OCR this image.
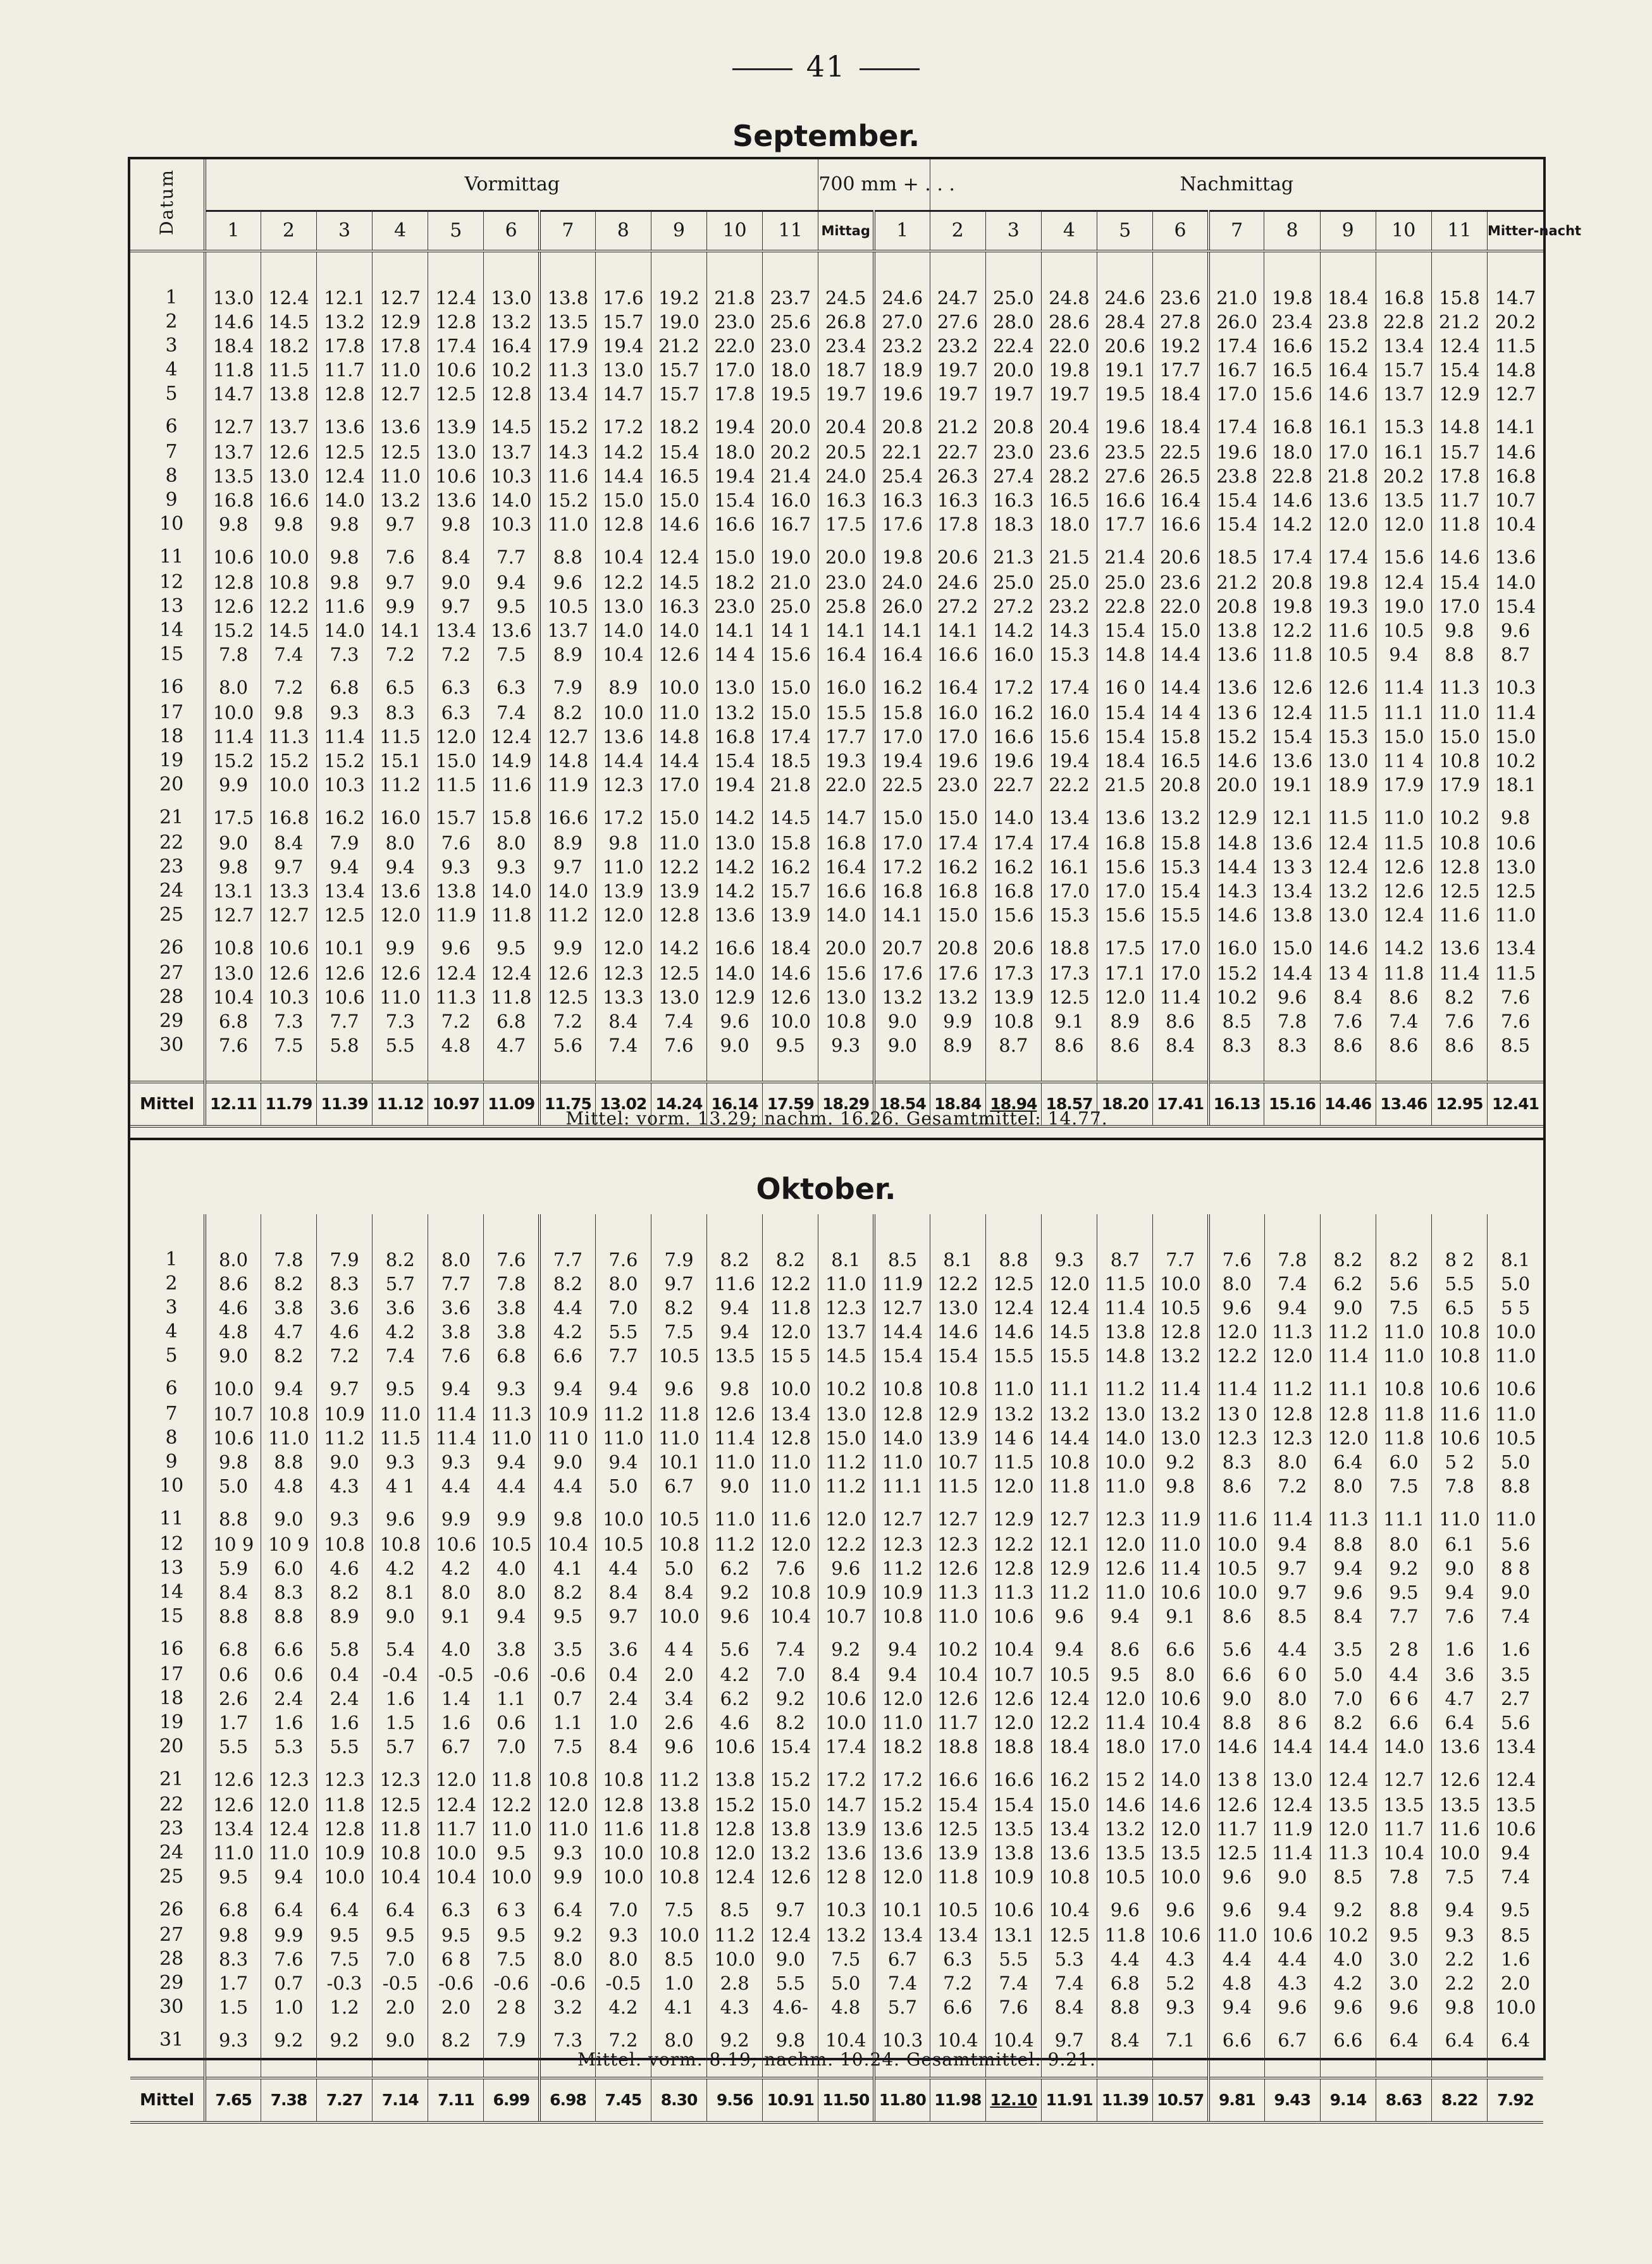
41
September.
Datum	Vormittag											700 mm + . . .		Nachmittag										
	1	2	3	4	5	6	7	8	9	10	11	Mittag	1	2	3	4	5	6	7	8	9	10	11	Mitter-nacht

1	13.0	12.4	12.1	12.7	12.4	13.0	13.8	17.6	19.2	21.8	23.7	24.5	24.6	24.7	25.0	24.8	24.6	23.6	21.0	19.8	18.4	16.8	15.8	14.7
2	14.6	14.5	13.2	12.9	12.8	13.2	13.5	15.7	19.0	23.0	25.6	26.8	27.0	27.6	28.0	28.6	28.4	27.8	26.0	23.4	23.8	22.8	21.2	20.2
3	18.4	18.2	17.8	17.8	17.4	16.4	17.9	19.4	21.2	22.0	23.0	23.4	23.2	23.2	22.4	22.0	20.6	19.2	17.4	16.6	15.2	13.4	12.4	11.5
4	11.8	11.5	11.7	11.0	10.6	10.2	11.3	13.0	15.7	17.0	18.0	18.7	18.9	19.7	20.0	19.8	19.1	17.7	16.7	16.5	16.4	15.7	15.4	14.8
5	14.7	13.8	12.8	12.7	12.5	12.8	13.4	14.7	15.7	17.8	19.5	19.7	19.6	19.7	19.7	19.7	19.5	18.4	17.0	15.6	14.6	13.7	12.9	12.7
6	12.7	13.7	13.6	13.6	13.9	14.5	15.2	17.2	18.2	19.4	20.0	20.4	20.8	21.2	20.8	20.4	19.6	18.4	17.4	16.8	16.1	15.3	14.8	14.1
7	13.7	12.6	12.5	12.5	13.0	13.7	14.3	14.2	15.4	18.0	20.2	20.5	22.1	22.7	23.0	23.6	23.5	22.5	19.6	18.0	17.0	16.1	15.7	14.6
8	13.5	13.0	12.4	11.0	10.6	10.3	11.6	14.4	16.5	19.4	21.4	24.0	25.4	26.3	27.4	28.2	27.6	26.5	23.8	22.8	21.8	20.2	17.8	16.8
9	16.8	16.6	14.0	13.2	13.6	14.0	15.2	15.0	15.0	15.4	16.0	16.3	16.3	16.3	16.3	16.5	16.6	16.4	15.4	14.6	13.6	13.5	11.7	10.7
10	9.8	9.8	9.8	9.7	9.8	10.3	11.0	12.8	14.6	16.6	16.7	17.5	17.6	17.8	18.3	18.0	17.7	16.6	15.4	14.2	12.0	12.0	11.8	10.4
11	10.6	10.0	9.8	7.6	8.4	7.7	8.8	10.4	12.4	15.0	19.0	20.0	19.8	20.6	21.3	21.5	21.4	20.6	18.5	17.4	17.4	15.6	14.6	13.6
12	12.8	10.8	9.8	9.7	9.0	9.4	9.6	12.2	14.5	18.2	21.0	23.0	24.0	24.6	25.0	25.0	25.0	23.6	21.2	20.8	19.8	12.4	15.4	14.0
13	12.6	12.2	11.6	9.9	9.7	9.5	10.5	13.0	16.3	23.0	25.0	25.8	26.0	27.2	27.2	23.2	22.8	22.0	20.8	19.8	19.3	19.0	17.0	15.4
14	15.2	14.5	14.0	14.1	13.4	13.6	13.7	14.0	14.0	14.1	14 1	14.1	14.1	14.1	14.2	14.3	15.4	15.0	13.8	12.2	11.6	10.5	9.8	9.6
15	7.8	7.4	7.3	7.2	7.2	7.5	8.9	10.4	12.6	14 4	15.6	16.4	16.4	16.6	16.0	15.3	14.8	14.4	13.6	11.8	10.5	9.4	8.8	8.7
16	8.0	7.2	6.8	6.5	6.3	6.3	7.9	8.9	10.0	13.0	15.0	16.0	16.2	16.4	17.2	17.4	16 0	14.4	13.6	12.6	12.6	11.4	11.3	10.3
17	10.0	9.8	9.3	8.3	6.3	7.4	8.2	10.0	11.0	13.2	15.0	15.5	15.8	16.0	16.2	16.0	15.4	14 4	13 6	12.4	11.5	11.1	11.0	11.4
18	11.4	11.3	11.4	11.5	12.0	12.4	12.7	13.6	14.8	16.8	17.4	17.7	17.0	17.0	16.6	15.6	15.4	15.8	15.2	15.4	15.3	15.0	15.0	15.0
19	15.2	15.2	15.2	15.1	15.0	14.9	14.8	14.4	14.4	15.4	18.5	19.3	19.4	19.6	19.6	19.4	18.4	16.5	14.6	13.6	13.0	11 4	10.8	10.2
20	9.9	10.0	10.3	11.2	11.5	11.6	11.9	12.3	17.0	19.4	21.8	22.0	22.5	23.0	22.7	22.2	21.5	20.8	20.0	19.1	18.9	17.9	17.9	18.1
21	17.5	16.8	16.2	16.0	15.7	15.8	16.6	17.2	15.0	14.2	14.5	14.7	15.0	15.0	14.0	13.4	13.6	13.2	12.9	12.1	11.5	11.0	10.2	9.8
22	9.0	8.4	7.9	8.0	7.6	8.0	8.9	9.8	11.0	13.0	15.8	16.8	17.0	17.4	17.4	17.4	16.8	15.8	14.8	13.6	12.4	11.5	10.8	10.6
23	9.8	9.7	9.4	9.4	9.3	9.3	9.7	11.0	12.2	14.2	16.2	16.4	17.2	16.2	16.2	16.1	15.6	15.3	14.4	13 3	12.4	12.6	12.8	13.0
24	13.1	13.3	13.4	13.6	13.8	14.0	14.0	13.9	13.9	14.2	15.7	16.6	16.8	16.8	16.8	17.0	17.0	15.4	14.3	13.4	13.2	12.6	12.5	12.5
25	12.7	12.7	12.5	12.0	11.9	11.8	11.2	12.0	12.8	13.6	13.9	14.0	14.1	15.0	15.6	15.3	15.6	15.5	14.6	13.8	13.0	12.4	11.6	11.0
26	10.8	10.6	10.1	9.9	9.6	9.5	9.9	12.0	14.2	16.6	18.4	20.0	20.7	20.8	20.6	18.8	17.5	17.0	16.0	15.0	14.6	14.2	13.6	13.4
27	13.0	12.6	12.6	12.6	12.4	12.4	12.6	12.3	12.5	14.0	14.6	15.6	17.6	17.6	17.3	17.3	17.1	17.0	15.2	14.4	13 4	11.8	11.4	11.5
28	10.4	10.3	10.6	11.0	11.3	11.8	12.5	13.3	13.0	12.9	12.6	13.0	13.2	13.2	13.9	12.5	12.0	11.4	10.2	9.6	8.4	8.6	8.2	7.6
29	6.8	7.3	7.7	7.3	7.2	6.8	7.2	8.4	7.4	9.6	10.0	10.8	9.0	9.9	10.8	9.1	8.9	8.6	8.5	7.8	7.6	7.4	7.6	7.6
30	7.6	7.5	5.8	5.5	4.8	4.7	5.6	7.4	7.6	9.0	9.5	9.3	9.0	8.9	8.7	8.6	8.6	8.4	8.3	8.3	8.6	8.6	8.6	8.5

Mittel	12.11	11.79	11.39	11.12	10.97	11.09	11.75	13.02	14.24	16.14	17.59	18.29	18.54	18.84	18.94	18.57	18.20	17.41	16.13	15.16	14.46	13.46	12.95	12.41
Mittel: vorm. 13.29; nachm. 16.26. Gesamtmittel: 14.77.
Oktober.

1	8.0	7.8	7.9	8.2	8.0	7.6	7.7	7.6	7.9	8.2	8.2	8.1	8.5	8.1	8.8	9.3	8.7	7.7	7.6	7.8	8.2	8.2	8 2	8.1
2	8.6	8.2	8.3	5.7	7.7	7.8	8.2	8.0	9.7	11.6	12.2	11.0	11.9	12.2	12.5	12.0	11.5	10.0	8.0	7.4	6.2	5.6	5.5	5.0
3	4.6	3.8	3.6	3.6	3.6	3.8	4.4	7.0	8.2	9.4	11.8	12.3	12.7	13.0	12.4	12.4	11.4	10.5	9.6	9.4	9.0	7.5	6.5	5 5
4	4.8	4.7	4.6	4.2	3.8	3.8	4.2	5.5	7.5	9.4	12.0	13.7	14.4	14.6	14.6	14.5	13.8	12.8	12.0	11.3	11.2	11.0	10.8	10.0
5	9.0	8.2	7.2	7.4	7.6	6.8	6.6	7.7	10.5	13.5	15 5	14.5	15.4	15.4	15.5	15.5	14.8	13.2	12.2	12.0	11.4	11.0	10.8	11.0
6	10.0	9.4	9.7	9.5	9.4	9.3	9.4	9.4	9.6	9.8	10.0	10.2	10.8	10.8	11.0	11.1	11.2	11.4	11.4	11.2	11.1	10.8	10.6	10.6
7	10.7	10.8	10.9	11.0	11.4	11.3	10.9	11.2	11.8	12.6	13.4	13.0	12.8	12.9	13.2	13.2	13.0	13.2	13 0	12.8	12.8	11.8	11.6	11.0
8	10.6	11.0	11.2	11.5	11.4	11.0	11 0	11.0	11.0	11.4	12.8	15.0	14.0	13.9	14 6	14.4	14.0	13.0	12.3	12.3	12.0	11.8	10.6	10.5
9	9.8	8.8	9.0	9.3	9.3	9.4	9.0	9.4	10.1	11.0	11.0	11.2	11.0	10.7	11.5	10.8	10.0	9.2	8.3	8.0	6.4	6.0	5 2	5.0
10	5.0	4.8	4.3	4 1	4.4	4.4	4.4	5.0	6.7	9.0	11.0	11.2	11.1	11.5	12.0	11.8	11.0	9.8	8.6	7.2	8.0	7.5	7.8	8.8
11	8.8	9.0	9.3	9.6	9.9	9.9	9.8	10.0	10.5	11.0	11.6	12.0	12.7	12.7	12.9	12.7	12.3	11.9	11.6	11.4	11.3	11.1	11.0	11.0
12	10 9	10 9	10.8	10.8	10.6	10.5	10.4	10.5	10.8	11.2	12.0	12.2	12.3	12.3	12.2	12.1	12.0	11.0	10.0	9.4	8.8	8.0	6.1	5.6
13	5.9	6.0	4.6	4.2	4.2	4.0	4.1	4.4	5.0	6.2	7.6	9.6	11.2	12.6	12.8	12.9	12.6	11.4	10.5	9.7	9.4	9.2	9.0	8 8
14	8.4	8.3	8.2	8.1	8.0	8.0	8.2	8.4	8.4	9.2	10.8	10.9	10.9	11.3	11.3	11.2	11.0	10.6	10.0	9.7	9.6	9.5	9.4	9.0
15	8.8	8.8	8.9	9.0	9.1	9.4	9.5	9.7	10.0	9.6	10.4	10.7	10.8	11.0	10.6	9.6	9.4	9.1	8.6	8.5	8.4	7.7	7.6	7.4
16	6.8	6.6	5.8	5.4	4.0	3.8	3.5	3.6	4 4	5.6	7.4	9.2	9.4	10.2	10.4	9.4	8.6	6.6	5.6	4.4	3.5	2 8	1.6	1.6
17	0.6	0.6	0.4	-0.4	-0.5	-0.6	-0.6	0.4	2.0	4.2	7.0	8.4	9.4	10.4	10.7	10.5	9.5	8.0	6.6	6 0	5.0	4.4	3.6	3.5
18	2.6	2.4	2.4	1.6	1.4	1.1	0.7	2.4	3.4	6.2	9.2	10.6	12.0	12.6	12.6	12.4	12.0	10.6	9.0	8.0	7.0	6 6	4.7	2.7
19	1.7	1.6	1.6	1.5	1.6	0.6	1.1	1.0	2.6	4.6	8.2	10.0	11.0	11.7	12.0	12.2	11.4	10.4	8.8	8 6	8.2	6.6	6.4	5.6
20	5.5	5.3	5.5	5.7	6.7	7.0	7.5	8.4	9.6	10.6	15.4	17.4	18.2	18.8	18.8	18.4	18.0	17.0	14.6	14.4	14.4	14.0	13.6	13.4
21	12.6	12.3	12.3	12.3	12.0	11.8	10.8	10.8	11.2	13.8	15.2	17.2	17.2	16.6	16.6	16.2	15 2	14.0	13 8	13.0	12.4	12.7	12.6	12.4
22	12.6	12.0	11.8	12.5	12.4	12.2	12.0	12.8	13.8	15.2	15.0	14.7	15.2	15.4	15.4	15.0	14.6	14.6	12.6	12.4	13.5	13.5	13.5	13.5
23	13.4	12.4	12.8	11.8	11.7	11.0	11.0	11.6	11.8	12.8	13.8	13.9	13.6	12.5	13.5	13.4	13.2	12.0	11.7	11.9	12.0	11.7	11.6	10.6
24	11.0	11.0	10.9	10.8	10.0	9.5	9.3	10.0	10.8	12.0	13.2	13.6	13.6	13.9	13.8	13.6	13.5	13.5	12.5	11.4	11.3	10.4	10.0	9.4
25	9.5	9.4	10.0	10.4	10.4	10.0	9.9	10.0	10.8	12.4	12.6	12 8	12.0	11.8	10.9	10.8	10.5	10.0	9.6	9.0	8.5	7.8	7.5	7.4
26	6.8	6.4	6.4	6.4	6.3	6 3	6.4	7.0	7.5	8.5	9.7	10.3	10.1	10.5	10.6	10.4	9.6	9.6	9.6	9.4	9.2	8.8	9.4	9.5
27	9.8	9.9	9.5	9.5	9.5	9.5	9.2	9.3	10.0	11.2	12.4	13.2	13.4	13.4	13.1	12.5	11.8	10.6	11.0	10.6	10.2	9.5	9.3	8.5
28	8.3	7.6	7.5	7.0	6 8	7.5	8.0	8.0	8.5	10.0	9.0	7.5	6.7	6.3	5.5	5.3	4.4	4.3	4.4	4.4	4.0	3.0	2.2	1.6
29	1.7	0.7	-0.3	-0.5	-0.6	-0.6	-0.6	-0.5	1.0	2.8	5.5	5.0	7.4	7.2	7.4	7.4	6.8	5.2	4.8	4.3	4.2	3.0	2.2	2.0
30	1.5	1.0	1.2	2.0	2.0	2 8	3.2	4.2	4.1	4.3	4.6-	4.8	5.7	6.6	7.6	8.4	8.8	9.3	9.4	9.6	9.6	9.6	9.8	10.0
31	9.3	9.2	9.2	9.0	8.2	7.9	7.3	7.2	8.0	9.2	9.8	10.4	10.3	10.4	10.4	9.7	8.4	7.1	6.6	6.7	6.6	6.4	6.4	6.4

Mittel	7.65	7.38	7.27	7.14	7.11	6.99	6.98	7.45	8.30	9.56	10.91	11.50	11.80	11.98	12.10	11.91	11.39	10.57	9.81	9.43	9.14	8.63	8.22	7.92
Mittel: vorm. 8.19; nachm. 10.24. Gesamtmittel: 9.21.
